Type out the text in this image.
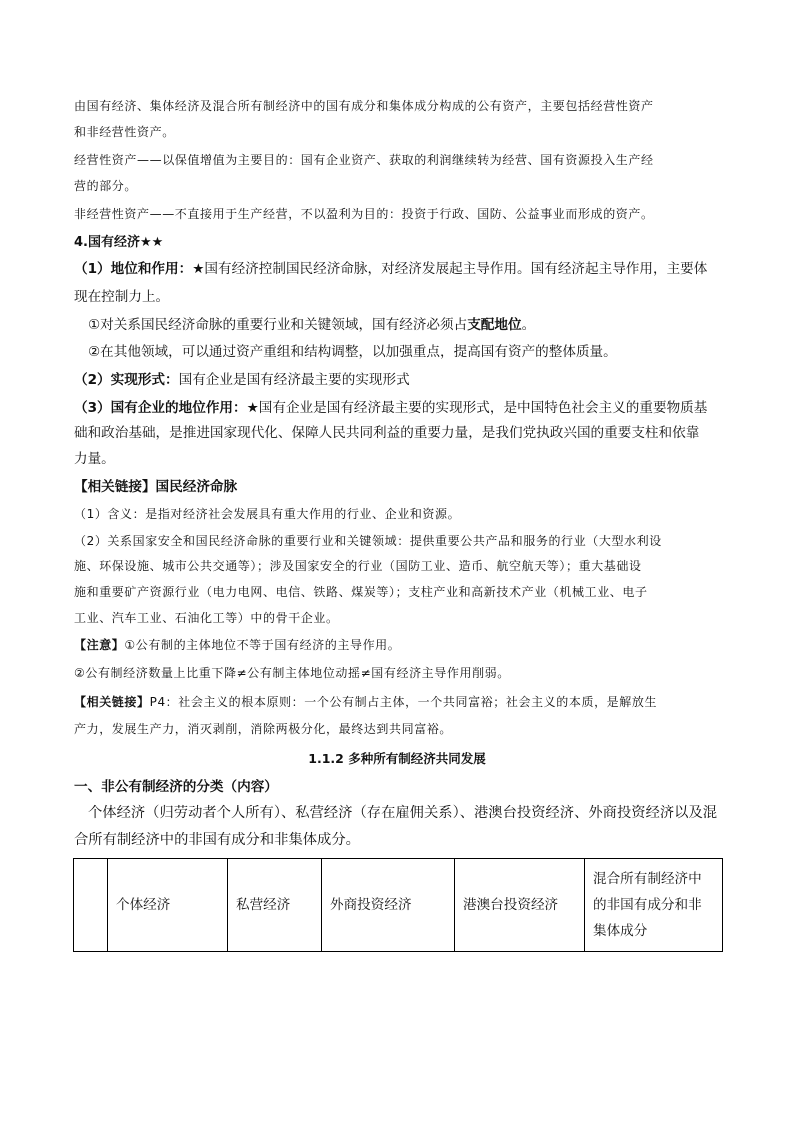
由国有经济、集体经济及混合所有制经济中的国有成分和集体成分构成的公有资产，主要包括经营性资产
和非经营性资产。
经营性资产——以保值增值为主要目的：国有企业资产、获取的利润继续转为经营、国有资源投入生产经
营的部分。
非经营性资产——不直接用于生产经营，不以盈利为目的：投资于行政、国防、公益事业而形成的资产。
4.国有经济★★
（1）地位和作用：★国有经济控制国民经济命脉，对经济发展起主导作用。国有经济起主导作用，主要体
现在控制力上。
①对关系国民经济命脉的重要行业和关键领域，国有经济必须占支配地位。
②在其他领域，可以通过资产重组和结构调整，以加强重点，提高国有资产的整体质量。
（2）实现形式：国有企业是国有经济最主要的实现形式
（3）国有企业的地位作用：★国有企业是国有经济最主要的实现形式，是中国特色社会主义的重要物质基
础和政治基础，是推进国家现代化、保障人民共同利益的重要力量，是我们党执政兴国的重要支柱和依靠
力量。
【相关链接】国民经济命脉
（1）含义：是指对经济社会发展具有重大作用的行业、企业和资源。
（2）关系国家安全和国民经济命脉的重要行业和关键领域：提供重要公共产品和服务的行业（大型水利设
施、环保设施、城市公共交通等）；涉及国家安全的行业（国防工业、造币、航空航天等）；重大基础设
施和重要矿产资源行业（电力电网、电信、铁路、煤炭等）；支柱产业和高新技术产业（机械工业、电子
工业、汽车工业、石油化工等）中的骨干企业。
【注意】①公有制的主体地位不等于国有经济的主导作用。
②公有制经济数量上比重下降≠公有制主体地位动摇≠国有经济主导作用削弱。
【相关链接】P4：社会主义的根本原则：一个公有制占主体，一个共同富裕；社会主义的本质，是解放生
产力，发展生产力，消灭剥削，消除两极分化，最终达到共同富裕。
1.1.2 多种所有制经济共同发展
一、非公有制经济的分类（内容）
个体经济（归劳动者个人所有）、私营经济（存在雇佣关系）、港澳台投资经济、外商投资经济以及混
合所有制经济中的非国有成分和非集体成分。
	个体经济	私营经济	外商投资经济	港澳台投资经济	混合所有制经济中的非国有成分和非集体成分
